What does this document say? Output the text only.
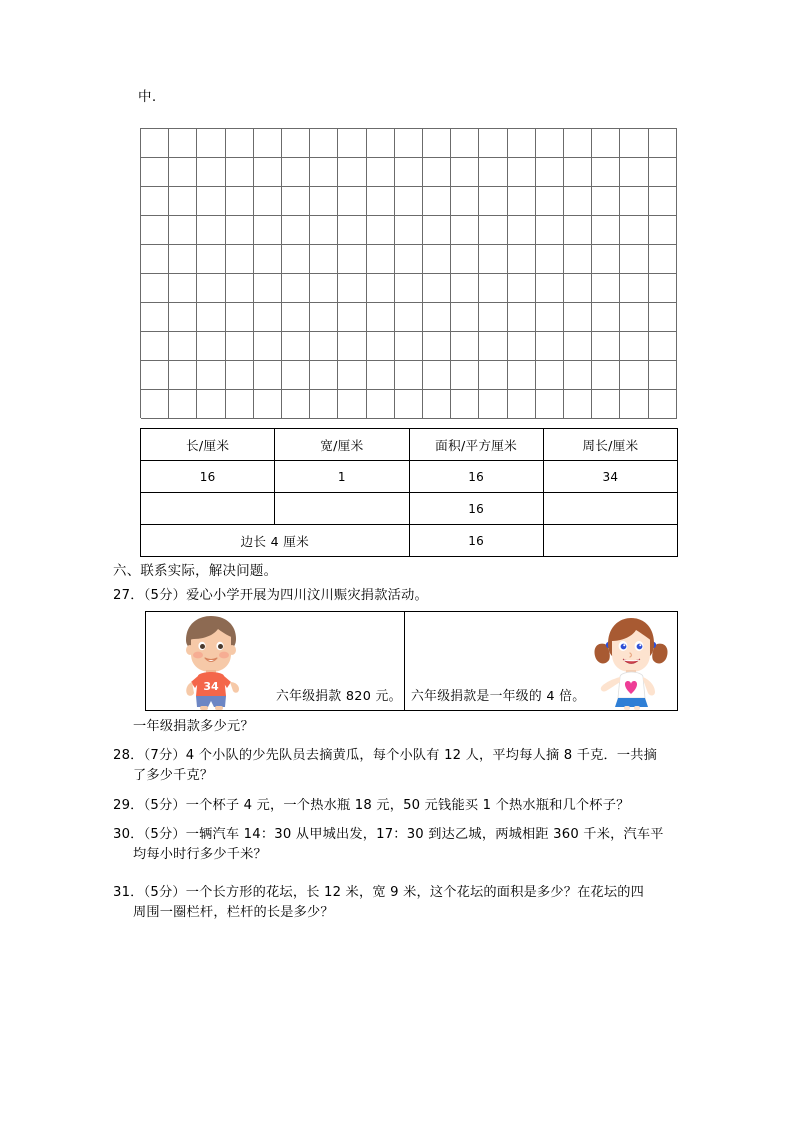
中.
长/厘米	宽/厘米	面积/平方厘米	周长/厘米
16	1	16	34
		16	
边长 4 厘米		16	
六、联系实际，解决问题。
27．（5分）爱心小学开展为四川汶川赈灾捐款活动。
34
六年级捐款 820 元。 六年级捐款是一年级的 4 倍。
一年级捐款多少元？
28．（7分）4 个小队的少先队员去摘黄瓜，每个小队有 12 人，平均每人摘 8 千克．一共摘
了多少千克？
29．（5分）一个杯子 4 元，一个热水瓶 18 元，50 元钱能买 1 个热水瓶和几个杯子？
30．（5分）一辆汽车 14：30 从甲城出发，17：30 到达乙城，两城相距 360 千米，汽车平
均每小时行多少千米？
31．（5分）一个长方形的花坛，长 12 米，宽 9 米，这个花坛的面积是多少？在花坛的四
周围一圈栏杆，栏杆的长是多少？
